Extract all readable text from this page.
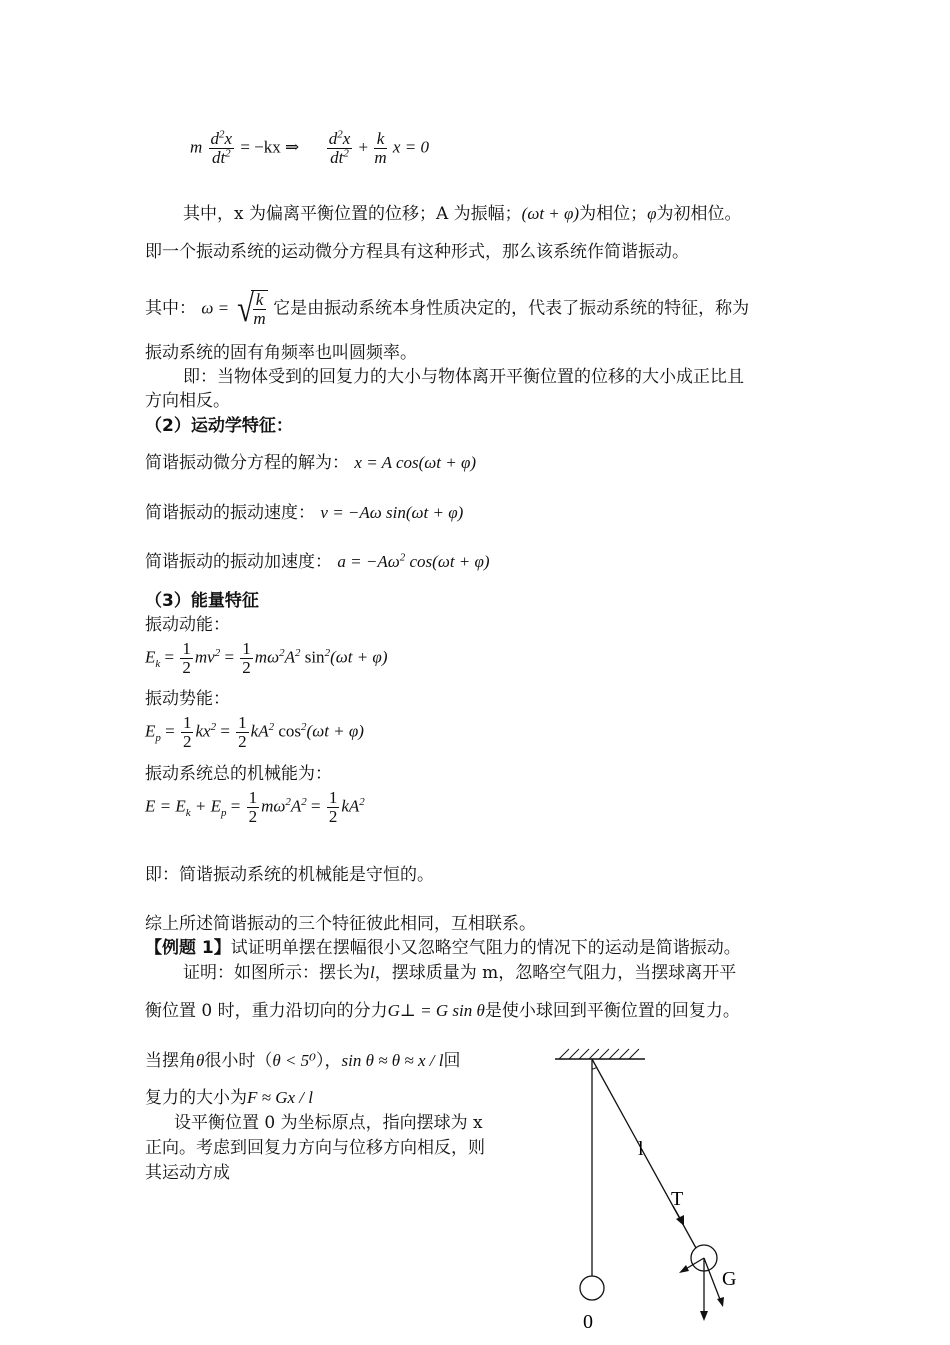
m $\frac{d^2x}{dt^2} = -kx$ ⇒ $\frac{d^2x}{dt^2} + \frac{k}{m}$ x = 0
其中，x 为偏离平衡位置的位移；A 为振幅；(ωt + φ)为相位；φ为初相位。
即一个振动系统的运动微分方程具有这种形式，那么该系统作简谐振动。
其中： ω = √ $\frac{k}{m}$ 它是由振动系统本身性质决定的，代表了振动系统的特征，称为
振动系统的固有角频率也叫圆频率。
即：当物体受到的回复力的大小与物体离开平衡位置的位移的大小成正比且
方向相反。
（2）运动学特征：
简谐振动微分方程的解为： x = A cos(ωt + φ)
简谐振动的振动速度： v = −Aω sin(ωt + φ)
简谐振动的振动加速度： $a = -A\omega^2$ cos(ωt + φ)
（3）能量特征
振动动能：
$E_k = \frac{1}{2} mv^2 = \frac{1}{2} m\omega^2A^2$ $\sin^2(\omega t + \varphi)$
振动势能：
$E_p = \frac{1}{2} kx^2 = \frac{1}{2} kA^2$ $\cos^2(\omega t + \varphi)$
振动系统总的机械能为：
$E = E_k + E_p = \frac{1}{2} m\omega^2A^2 = \frac{1}{2} kA^2$
即：简谐振动系统的机械能是守恒的。
综上所述简谐振动的三个特征彼此相同，互相联系。
【例题 1】试证明单摆在摆幅很小又忽略空气阻力的情况下的运动是简谐振动。
证明：如图所示：摆长为l，摆球质量为 m，忽略空气阻力，当摆球离开平
衡位置 0 时，重力沿切向的分力G⊥ = G sin θ是使小球回到平衡位置的回复力。
当摆角θ很小时（θ < 5⁰），sin θ ≈ θ ≈ x / l回
复力的大小为F ≈ Gx / l
设平衡位置 0 为坐标原点，指向摆球为 x
正向。考虑到回复力方向与位移方向相反，则
其运动方成
l
T
G
0
